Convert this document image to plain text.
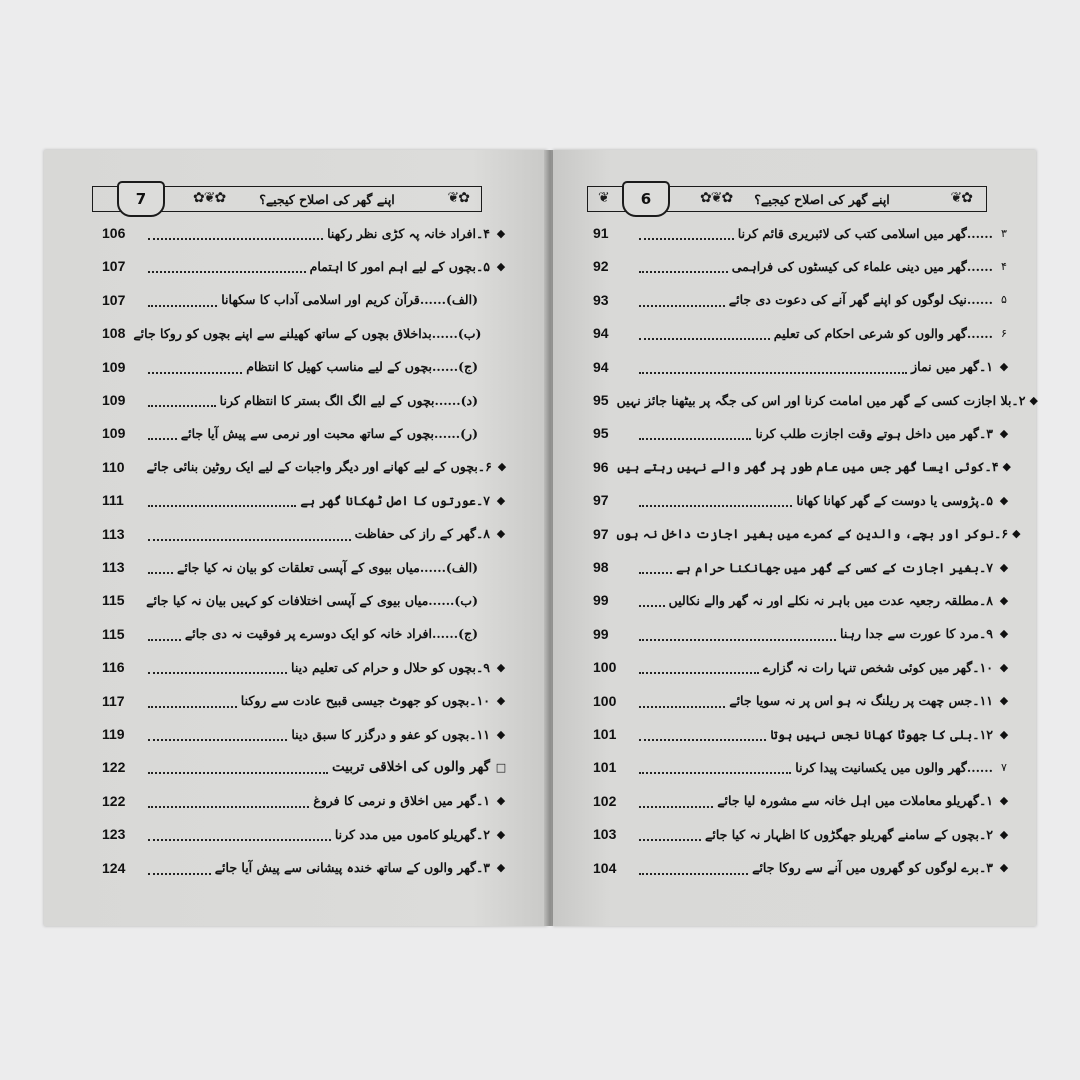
7	✿❦✿	اپنے گھر کی اصلاح کیجیے؟	❦✿
106	۴۔افراد خانہ پہ کڑی نظر رکھنا ◆
107	۵۔بچوں کے لیے اہم امور کا اہتمام ◆
107	(الف)......قرآن کریم اور اسلامی آداب کا سکھانا
108 (ب)......بداخلاق بچوں کے ساتھ کھیلنے سے اپنے بچوں کو روکا جائے
109	(ج)......بچوں کے لیے مناسب کھیل کا انتظام
109	(د)......بچوں کے لیے الگ الگ بستر کا انتظام کرنا
109	(ر)......بچوں کے ساتھ محبت اور نرمی سے پیش آیا جائے
110	۶۔بچوں کے لیے کھانے اور دیگر واجبات کے لیے ایک روٹین بنائی جائے ◆
111	۷۔عورتوں کا اصل ٹھکانا گھر ہے ◆
113	۸۔گھر کے راز کی حفاظت ◆
113	(الف)......میاں بیوی کے آپسی تعلقات کو بیان نہ کیا جائے
115	(ب)......میاں بیوی کے آپسی اختلافات کو کہیں بیان نہ کیا جائے
115	(ج)......افراد خانہ کو ایک دوسرے پر فوقیت نہ دی جائے
116	۹۔بچوں کو حلال و حرام کی تعلیم دینا ◆
117	۱۰۔بچوں کو جھوٹ جیسی قبیح عادت سے روکنا ◆
119	۱۱۔بچوں کو عفو و درگزر کا سبق دینا ◆
122	گھر والوں کی اخلاقی تربیت □
122	۱۔گھر میں اخلاق و نرمی کا فروغ ◆
123	۲۔گھریلو کاموں میں مدد کرنا ◆
124	۳۔گھر والوں کے ساتھ خندہ پیشانی سے پیش آیا جائے ◆
❦	6	✿❦✿ اپنے گھر کی اصلاح کیجیے؟	❦✿
91	......گھر میں اسلامی کتب کی لائبریری قائم کرنا ۳
92	......گھر میں دینی علماء کی کیسٹوں کی فراہمی ۴
93	......نیک لوگوں کو اپنے گھر آنے کی دعوت دی جائے ۵
94	......گھر والوں کو شرعی احکام کی تعلیم ۶
94	۱۔گھر میں نماز ◆
95 ۲۔بلا اجازت کسی کے گھر میں امامت کرنا اور اس کی جگہ پر بیٹھنا جائز نہیں ◆
95	۳۔گھر میں داخل ہوتے وقت اجازت طلب کرنا ◆
96 ۴۔کوئی ایسا گھر جس میں عام طور پر گھر والے نہیں رہتے ہیں ◆
97	۵۔پڑوسی یا دوست کے گھر کھانا کھانا ◆
97 ۶۔نوکر اور بچے، والدین کے کمرے میں بغیر اجازت داخل نہ ہوں ◆
98	۷۔بغیر اجازت کے کسی کے گھر میں جھانکنا حرام ہے ◆
99	۸۔مطلقہ رجعیہ عدت میں باہر نہ نکلے اور نہ گھر والے نکالیں ◆
99	۹۔مرد کا عورت سے جدا رہنا ◆
100	۱۰۔گھر میں کوئی شخص تنہا رات نہ گزارے ◆
100	۱۱۔جس چھت پر ریلنگ نہ ہو اس پر نہ سویا جائے ◆
101	۱۲۔بلی کا جھوٹا کھانا نجس نہیں ہوتا ◆
101	......گھر والوں میں یکسانیت پیدا کرنا ۷
102	۱۔گھریلو معاملات میں اہل خانہ سے مشورہ لیا جائے ◆
103	۲۔بچوں کے سامنے گھریلو جھگڑوں کا اظہار نہ کیا جائے ◆
104	۳۔برے لوگوں کو گھروں میں آنے سے روکا جائے ◆
